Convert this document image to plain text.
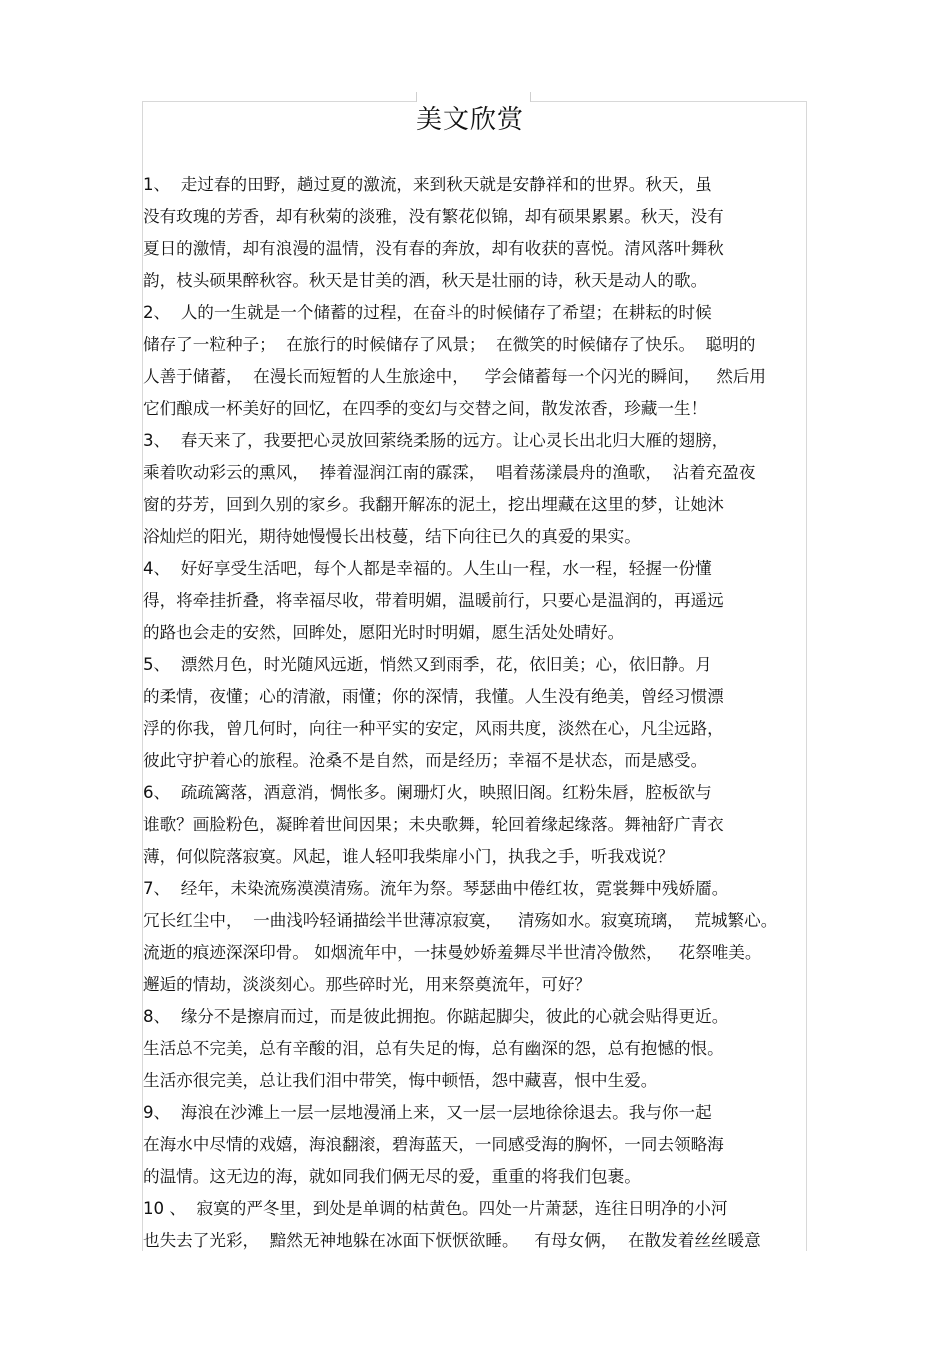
美文欣赏
1、  走过春的田野，趟过夏的激流，来到秋天就是安静祥和的世界。秋天，虽
没有玫瑰的芳香，却有秋菊的淡雅，没有繁花似锦，却有硕果累累。秋天，没有
夏日的激情，却有浪漫的温情，没有春的奔放，却有收获的喜悦。清风落叶舞秋
韵，枝头硕果醉秋容。秋天是甘美的酒，秋天是壮丽的诗，秋天是动人的歌。
2、  人的一生就是一个储蓄的过程，在奋斗的时候储存了希望；在耕耘的时候
储存了一粒种子；  在旅行的时候储存了风景；  在微笑的时候储存了快乐。  聪明的
人善于储蓄，  在漫长而短暂的人生旅途中，   学会储蓄每一个闪光的瞬间，   然后用
它们酿成一杯美好的回忆，在四季的变幻与交替之间，散发浓香，珍藏一生！
3、  春天来了，我要把心灵放回萦绕柔肠的远方。让心灵长出北归大雁的翅膀，
乘着吹动彩云的熏风，  捧着湿润江南的霡霂，  唱着荡漾晨舟的渔歌，  沾着充盈夜
窗的芬芳，回到久别的家乡。我翻开解冻的泥土，挖出埋藏在这里的梦，让她沐
浴灿烂的阳光，期待她慢慢长出枝蔓，结下向往已久的真爱的果实。
4、  好好享受生活吧，每个人都是幸福的。人生山一程，水一程，轻握一份懂
得，将牵挂折叠，将幸福尽收，带着明媚，温暖前行，只要心是温润的，再遥远
的路也会走的安然，回眸处，愿阳光时时明媚，愿生活处处晴好。
5、  漂然月色，时光随风远逝，悄然又到雨季，花，依旧美；心，依旧静。月
的柔情，夜懂；心的清澈，雨懂；你的深情，我懂。人生没有绝美，曾经习惯漂
浮的你我，曾几何时，向往一种平实的安定，风雨共度，淡然在心，凡尘远路，
彼此守护着心的旅程。沧桑不是自然，而是经历；幸福不是状态，而是感受。
6、  疏疏篱落，酒意消，惆怅多。阑珊灯火，映照旧阁。红粉朱唇，腔板欲与
谁歌？画脸粉色，凝眸着世间因果；未央歌舞，轮回着缘起缘落。舞袖舒广青衣
薄，何似院落寂寞。风起，谁人轻叩我柴扉小门，执我之手，听我戏说？
7、  经年，未染流殇漠漠清殇。流年为祭。琴瑟曲中倦红妆，霓裳舞中残娇靥。
冗长红尘中，  一曲浅吟轻诵描绘半世薄凉寂寞，   清殇如水。寂寞琉璃，  荒城繁心。
流逝的痕迹深深印骨。 如烟流年中，一抹曼妙娇羞舞尽半世清冷傲然，   花祭唯美。
邂逅的情劫，淡淡刻心。那些碎时光，用来祭奠流年，可好？
8、  缘分不是擦肩而过，而是彼此拥抱。你踮起脚尖，彼此的心就会贴得更近。
生活总不完美，总有辛酸的泪，总有失足的悔，总有幽深的怨，总有抱憾的恨。
生活亦很完美，总让我们泪中带笑，悔中顿悟，怨中藏喜，恨中生爱。
9、  海浪在沙滩上一层一层地漫涌上来，又一层一层地徐徐退去。我与你一起
在海水中尽情的戏嬉，海浪翻滚，碧海蓝天，一同感受海的胸怀，一同去领略海
的温情。这无边的海，就如同我们俩无尽的爱，重重的将我们包裹。
10 、  寂寞的严冬里，到处是单调的枯黄色。四处一片萧瑟，连往日明净的小河
也失去了光彩，  黯然无神地躲在冰面下恹恹欲睡。   有母女俩，  在散发着丝丝暖意
